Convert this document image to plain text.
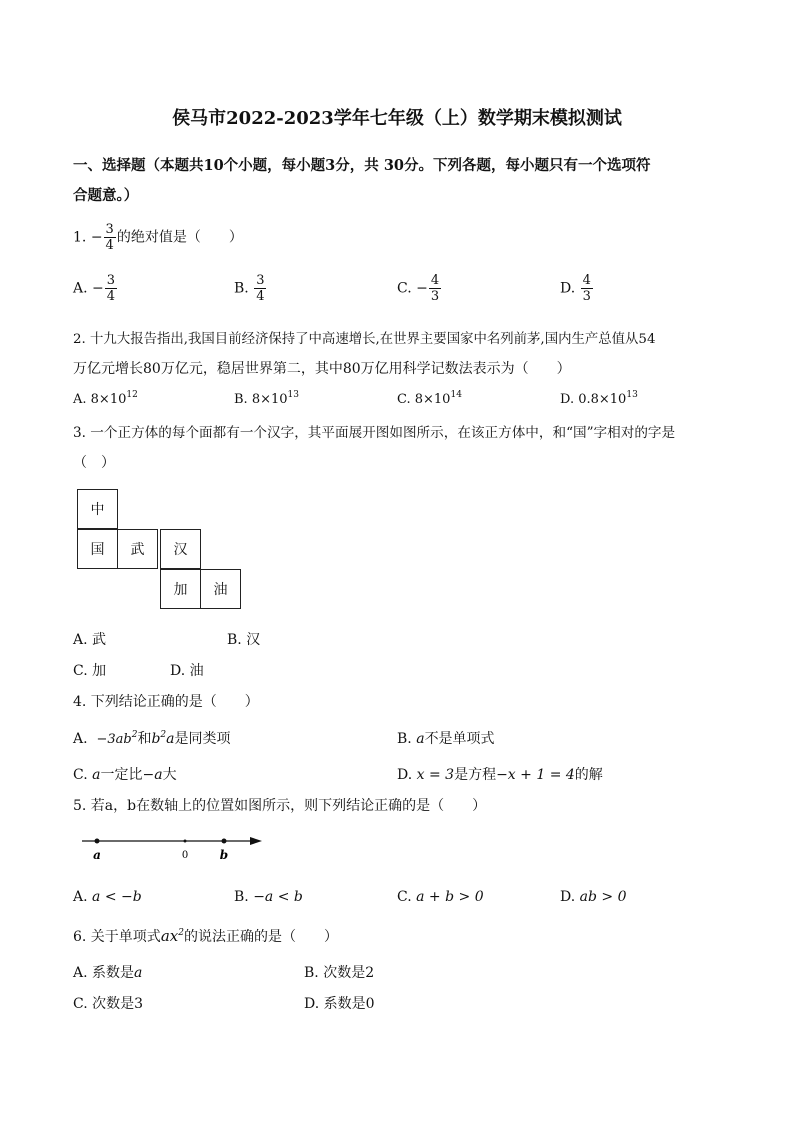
侯马市2022-2023学年七年级（上）数学期末模拟测试
一、选择题（本题共10个小题，每小题3分，共 30分。下列各题，每小题只有一个选项符
合题意。）
1. − $\frac{3}{4}$ 的绝对值是（　　）
A. − $\frac{3}{4}$	B. $\frac{3}{4}$	C. − $\frac{4}{3}$	D. $\frac{4}{3}$
2. 十九大报告指出,我国目前经济保持了中高速增长,在世界主要国家中名列前茅,国内生产总值从54
万亿元增长80万亿元，稳居世界第二，其中80万亿用科学记数法表示为（　　）
A. $8\times 10^{12}$	B. $8\times 10^{13}$	C. $8\times 10^{14}$	D. $0.8\times 10^{13}$
3. 一个正方体的每个面都有一个汉字，其平面展开图如图所示，在该正方体中，和“国”字相对的字是
（　）
中
国	武	汉
加	油
A. 武	B. 汉
C. 加	D. 油
4. 下列结论正确的是（　　）
A. $-3ab^2$和$b^2a$是同类项	B. a不是单项式
C. a一定比−a大	D. x = 3是方程−x + 1 = 4的解
5. 若a，b在数轴上的位置如图所示，则下列结论正确的是（　　）
a	0	b
A. a < −b	B. −a < b	C. a + b > 0	D. ab > 0
6. 关于单项式$ax^2$的说法正确的是（　　）
A. 系数是a	B. 次数是2
C. 次数是3	D. 系数是0
